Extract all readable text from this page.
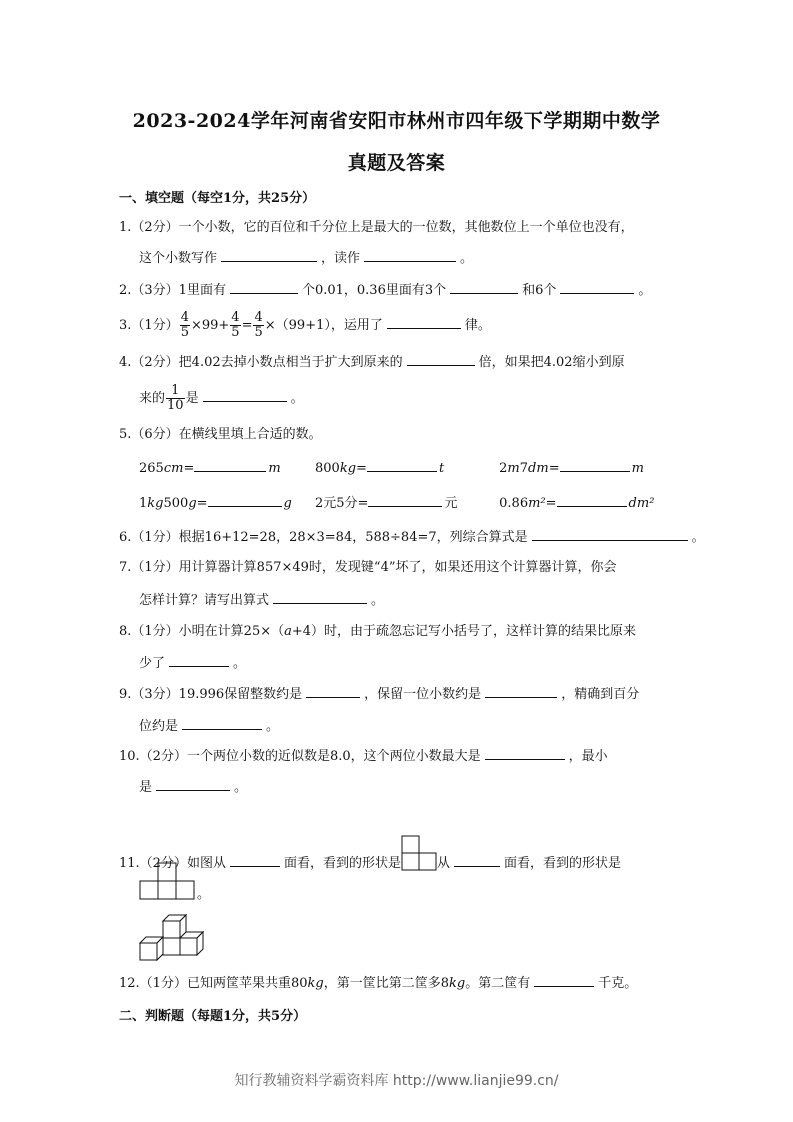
2023-2024学年河南省安阳市林州市四年级下学期期中数学
真题及答案
一、填空题（每空1分，共25分）
1.（2分）一个小数，它的百位和千分位上是最大的一位数，其他数位上一个单位也没有，
这个小数写作	，读作	。
2.（3分）1里面有	个0.01，0.36里面有3个	和6个	。
3.（1分） $\frac{4}{5} \times 99+ \frac{4}{5} = \frac{4}{5} \times(99+1)$，运用了	律。
4.（2分）把4.02去掉小数点相当于扩大到原来的	倍，如果把4.02缩小到原
来的 $\frac{1}{10}$ 是	。
5.（6分）在横线里填上合适的数。
265cm=	m	800kg=	t	2m7dm=	m
1kg500g=	g 2元5分=	元	0.86m²=	dm²
6.（1分）根据16+12=28，28×3=84，588÷84=7，列综合算式是	。
7.（1分）用计算器计算857×49时，发现键“4”坏了，如果还用这个计算器计算，你会
怎样计算？请写出算式	。
8.（1分）小明在计算25×（a+4）时，由于疏忽忘记写小括号了，这样计算的结果比原来
少了	。
9.（3分）19.996保留整数约是	，保留一位小数约是	，精确到百分
位约是	。
10.（2分）一个两位小数的近似数是8.0，这个两位小数最大是	，最小
是	。
11.（2分）如图从	面看，看到的形状是	从	面看，看到的形状是
。
12.（1分）已知两筐苹果共重80kg，第一筐比第二筐多8kg。第二筐有	千克。
二、判断题（每题1分，共5分）
知行教辅资料学霸资料库 http://www.lianjie99.cn/
